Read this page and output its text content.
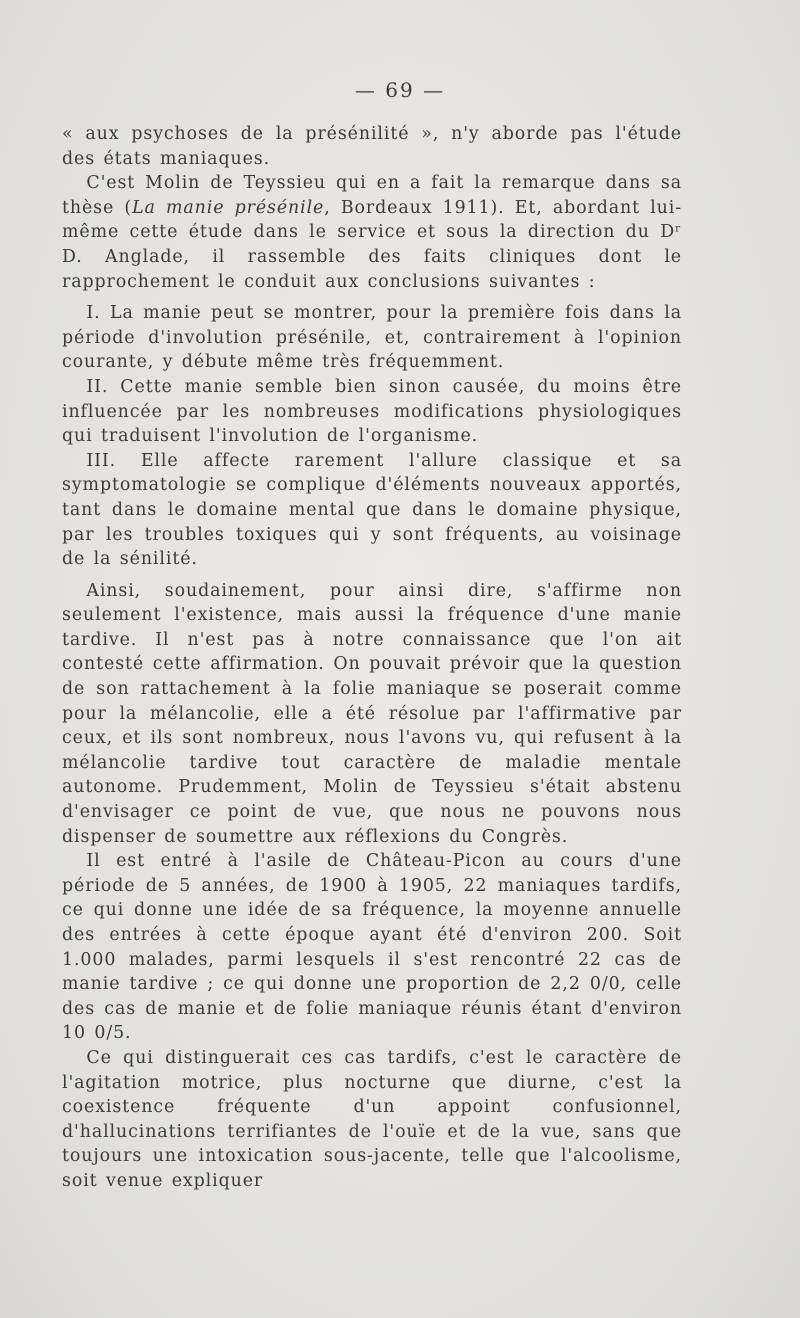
— 69 —

« aux psychoses de la présénilité », n'y aborde pas l'étude des états maniaques.

C'est Molin de Teyssieu qui en a fait la remarque dans sa thèse (La manie présénile, Bordeaux 1911). Et, abordant lui-même cette étude dans le service et sous la direction du Dʳ D. Anglade, il rassemble des faits cliniques dont le rapprochement le conduit aux conclusions suivantes :

I. La manie peut se montrer, pour la première fois dans la période d'involution présénile, et, contrairement à l'opinion courante, y débute même très fréquemment.

II. Cette manie semble bien sinon causée, du moins être influencée par les nombreuses modifications physiologiques qui traduisent l'involution de l'organisme.

III. Elle affecte rarement l'allure classique et sa symptomatologie se complique d'éléments nouveaux apportés, tant dans le domaine mental que dans le domaine physique, par les troubles toxiques qui y sont fréquents, au voisinage de la sénilité.

Ainsi, soudainement, pour ainsi dire, s'affirme non seulement l'existence, mais aussi la fréquence d'une manie tardive. Il n'est pas à notre connaissance que l'on ait contesté cette affirmation. On pouvait prévoir que la question de son rattachement à la folie maniaque se poserait comme pour la mélancolie, elle a été résolue par l'affirmative par ceux, et ils sont nombreux, nous l'avons vu, qui refusent à la mélancolie tardive tout caractère de maladie mentale autonome. Prudemment, Molin de Teyssieu s'était abstenu d'envisager ce point de vue, que nous ne pouvons nous dispenser de soumettre aux réflexions du Congrès.

Il est entré à l'asile de Château-Picon au cours d'une période de 5 années, de 1900 à 1905, 22 maniaques tardifs, ce qui donne une idée de sa fréquence, la moyenne annuelle des entrées à cette époque ayant été d'environ 200. Soit 1.000 malades, parmi lesquels il s'est rencontré 22 cas de manie tardive ; ce qui donne une proportion de 2,2 0/0, celle des cas de manie et de folie maniaque réunis étant d'environ 10 0/5.

Ce qui distinguerait ces cas tardifs, c'est le caractère de l'agitation motrice, plus nocturne que diurne, c'est la coexistence fréquente d'un appoint confusionnel, d'hallucinations terrifiantes de l'ouïe et de la vue, sans que toujours une intoxication sous-jacente, telle que l'alcoolisme, soit venue expliquer
